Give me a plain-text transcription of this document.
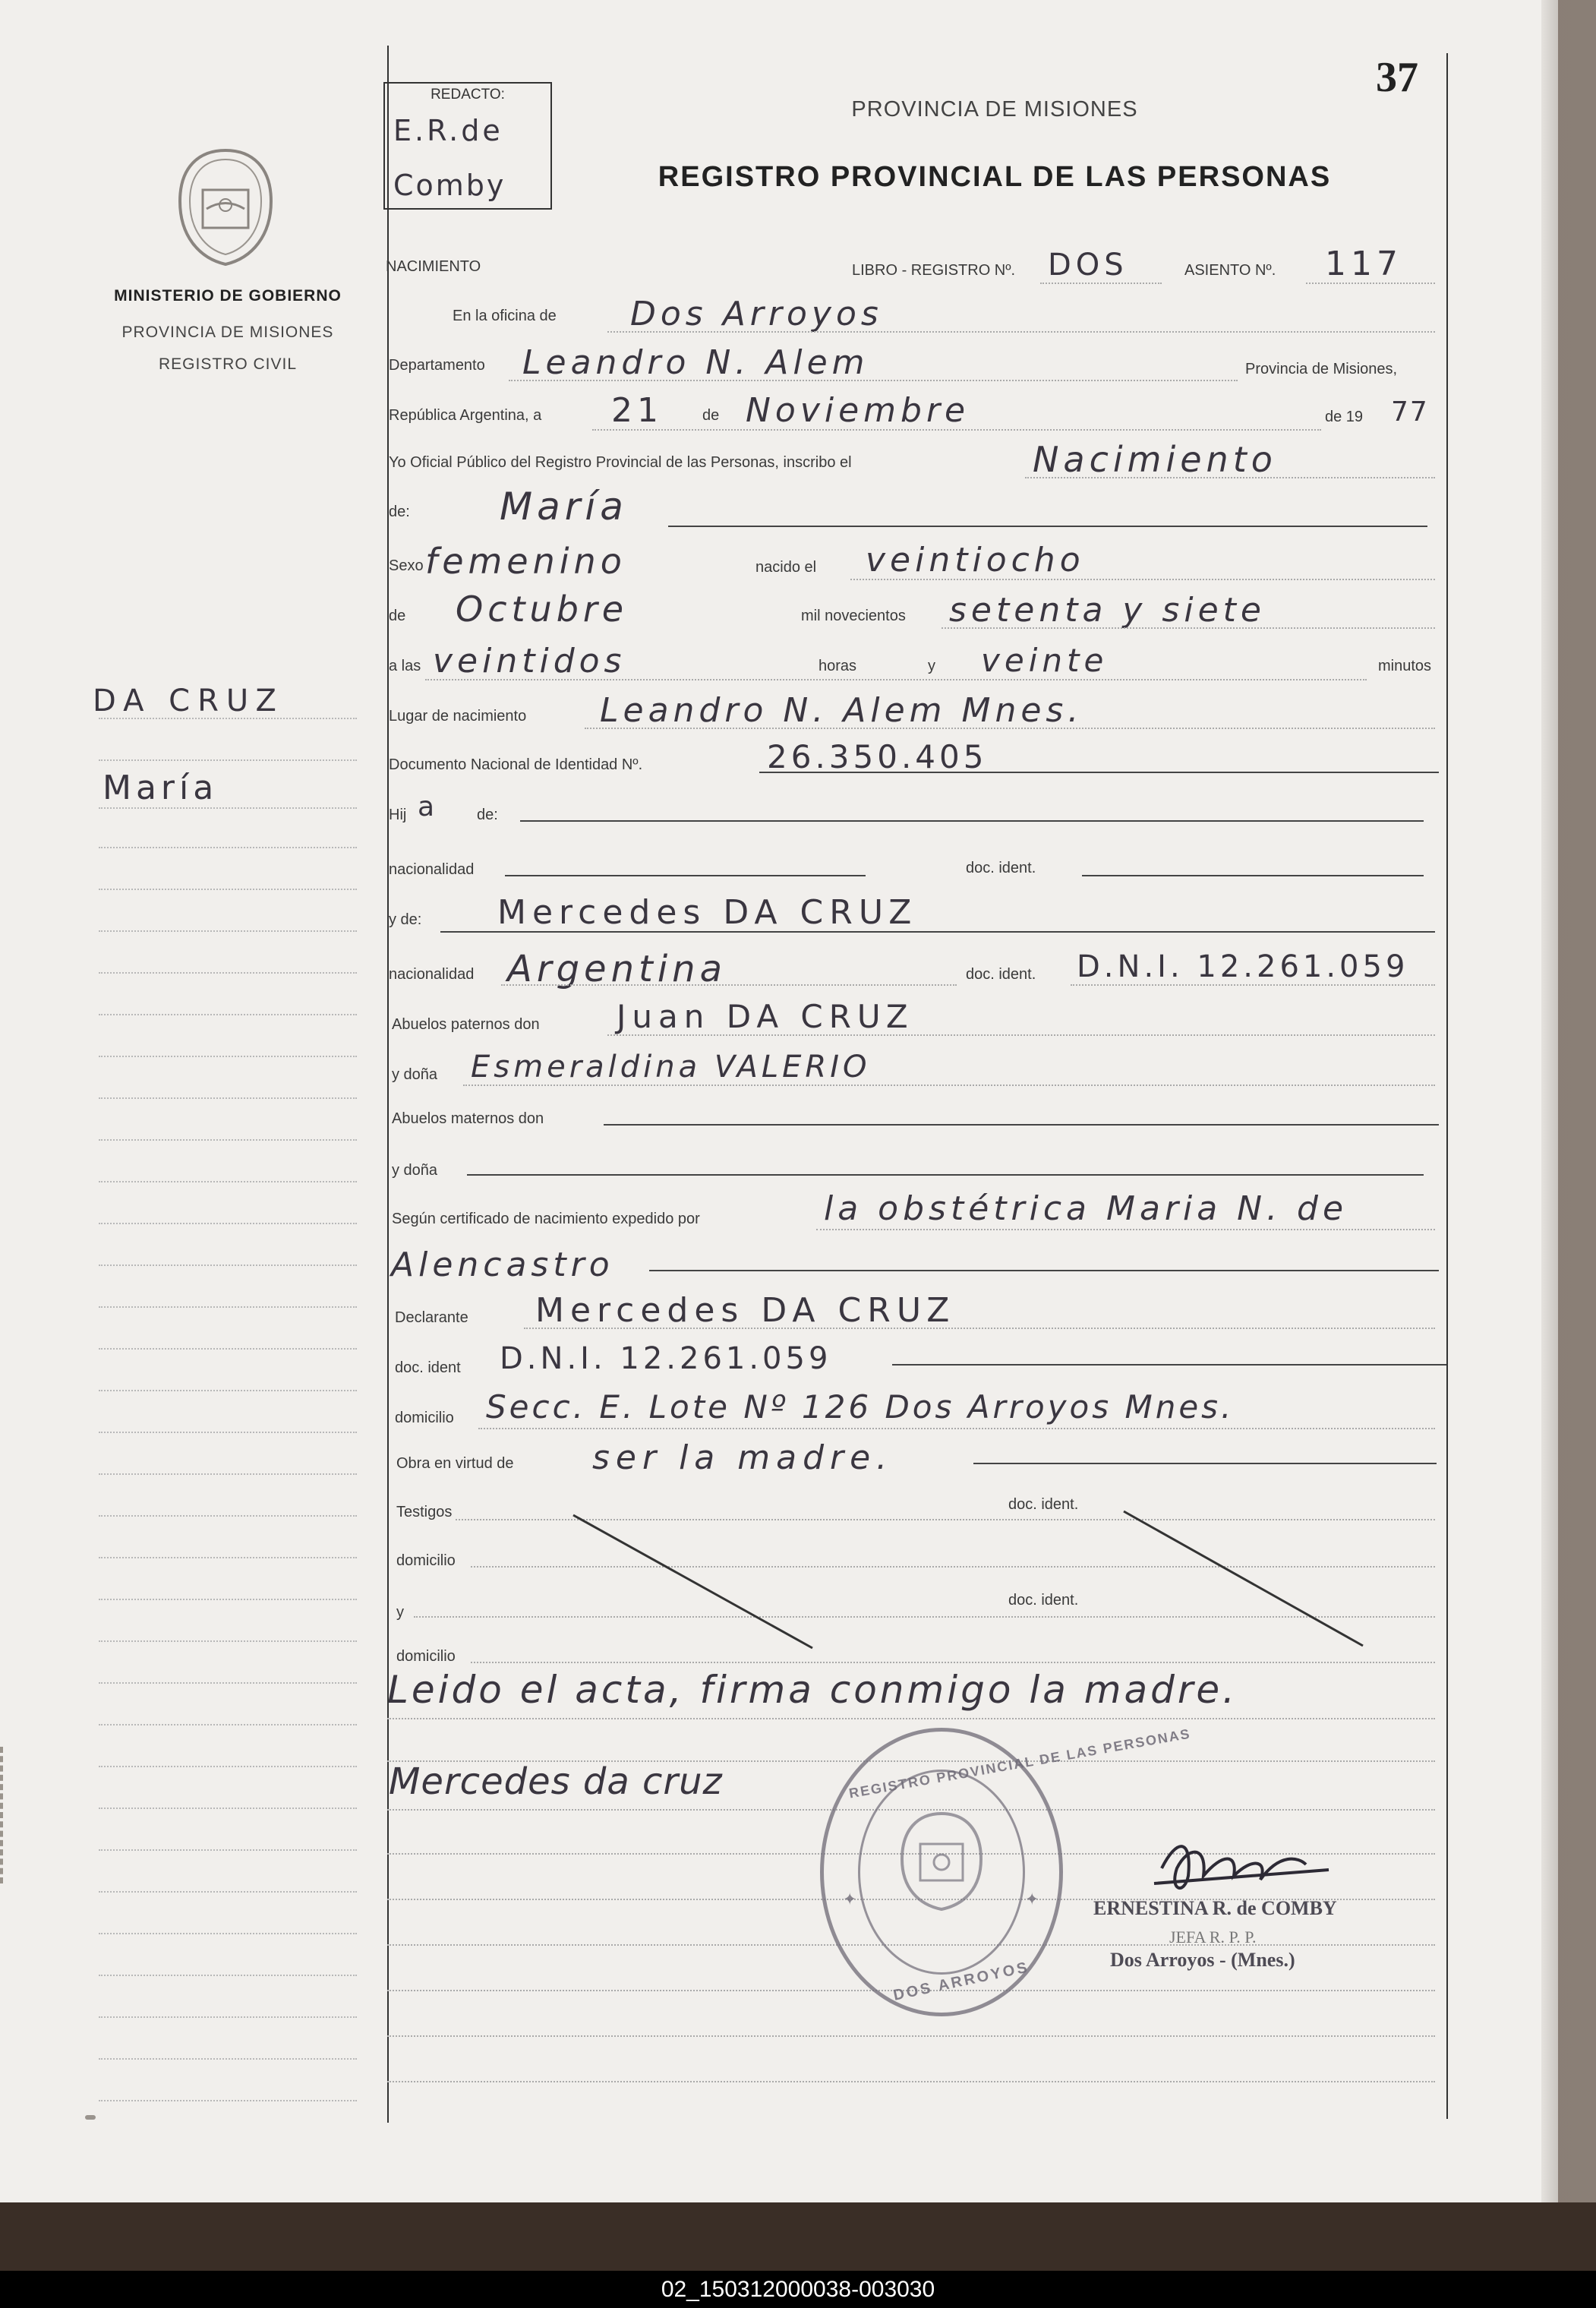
MINISTERIO DE GOBIERNO
PROVINCIA DE MISIONES
REGISTRO CIVIL
DA CRUZ
María
REDACTO:
E.R.de
Comby
37
PROVINCIA DE MISIONES
REGISTRO PROVINCIAL DE LAS PERSONAS
NACIMIENTO	LIBRO - REGISTRO Nº. DOS	ASIENTO Nº. 117
En la oficina de Dos Arroyos
Departamento Leandro N. Alem	Provincia de Misiones,
República Argentina, a 21	de Noviembre	de 19 77
Yo Oficial Público del Registro Provincial de las Personas, inscribo el	Nacimiento
de: María
Sexo femenino	nacido el veintiocho
de Octubre	mil novecientos setenta y siete
a las veintidos	horas	y veinte	minutos
Lugar de nacimiento Leandro N. Alem Mnes.
Documento Nacional de Identidad Nº.	26.350.405
Hij a de:
nacionalidad	doc. ident.
y de: Mercedes DA CRUZ
nacionalidad Argentina	doc. ident. D.N.I. 12.261.059
Abuelos paternos don Juan DA CRUZ
y doña Esmeraldina VALERIO
Abuelos maternos don
y doña
Según certificado de nacimiento expedido por	la obstétrica Maria N. de
Alencastro
Declarante Mercedes DA CRUZ
doc. ident D.N.I. 12.261.059
domicilio Secc. E. Lote Nº 126 Dos Arroyos Mnes.
Obra en virtud de ser la madre.
Testigos	doc. ident.
domicilio
y
doc. ident.
domicilio
Leido el acta, firma conmigo la madre.
Mercedes da cruz	REGISTRO PROVINCIAL DE LAS PERSONAS
DOS ARROYOS
✦	✦	ERNESTINA R. de COMBY
JEFA R. P. P.
Dos Arroyos - (Mnes.)
02_150312000038-003030
